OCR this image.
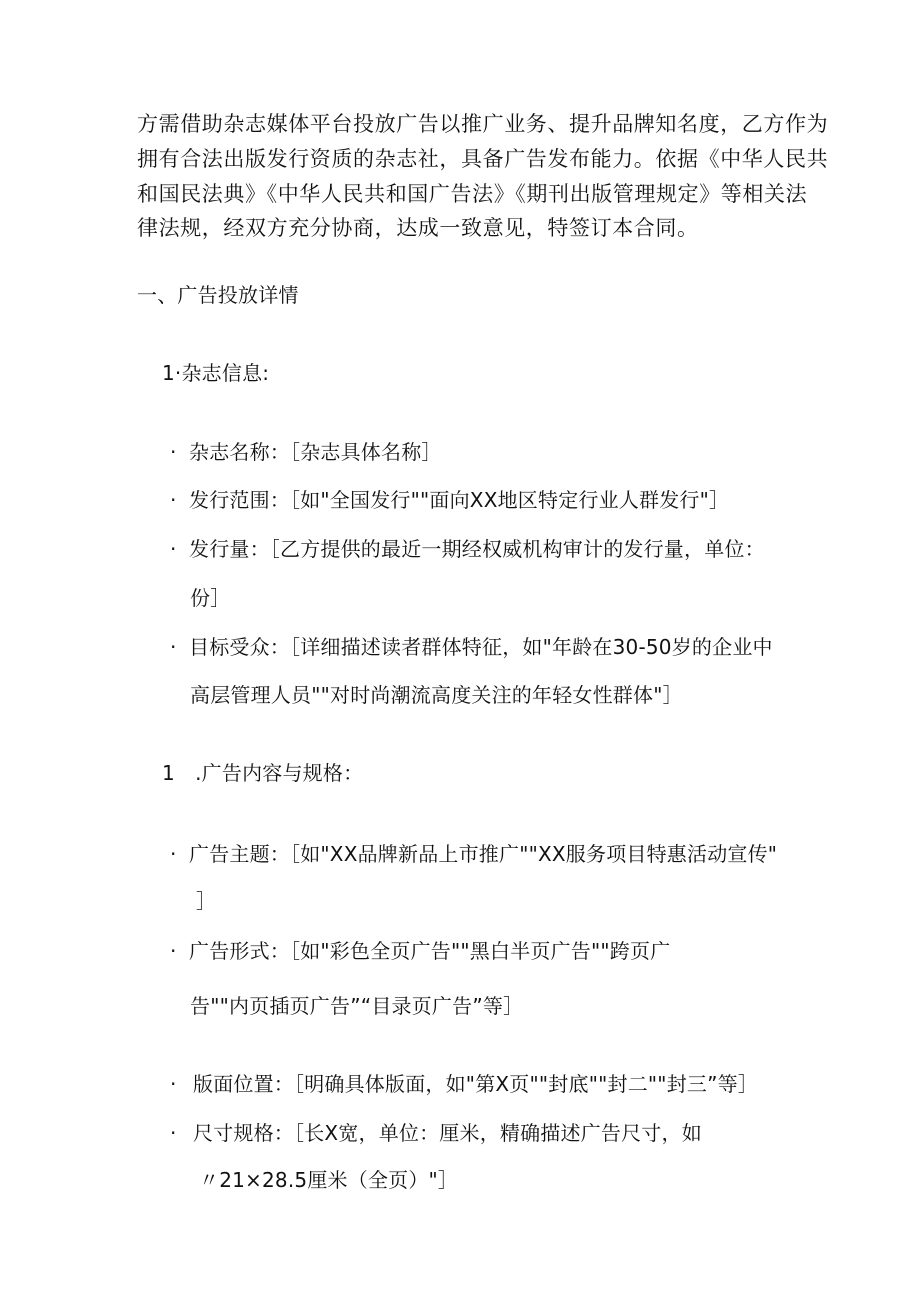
方需借助杂志媒体平台投放广告以推广业务、提升品牌知名度，乙方作为
拥有合法出版发行资质的杂志社，具备广告发布能力。依据《中华人民共
和国民法典》《中华人民共和国广告法》《期刊出版管理规定》等相关法
律法规，经双方充分协商，达成一致意见，特签订本合同。
一、广告投放详情
1·杂志信息:
· 杂志名称：［杂志具体名称］
· 发行范围：［如"全国发行""面向XX地区特定行业人群发行"］
· 发行量：［乙方提供的最近一期经权威机构审计的发行量，单位：
份］
· 目标受众：［详细描述读者群体特征，如"年龄在30-50岁的企业中
高层管理人员""对时尚潮流高度关注的年轻女性群体"］
1　.广告内容与规格：
· 广告主题：［如"XX品牌新品上市推广""XX服务项目特惠活动宣传"
］
· 广告形式：［如"彩色全页广告""黑白半页广告""跨页广
告""内页插页广告”“目录页广告”等］
· 版面位置：［明确具体版面，如"第X页""封底""封二""封三”等］
· 尺寸规格：［长X宽，单位：厘米，精确描述广告尺寸，如
〃21×28.5厘米（全页）"］
